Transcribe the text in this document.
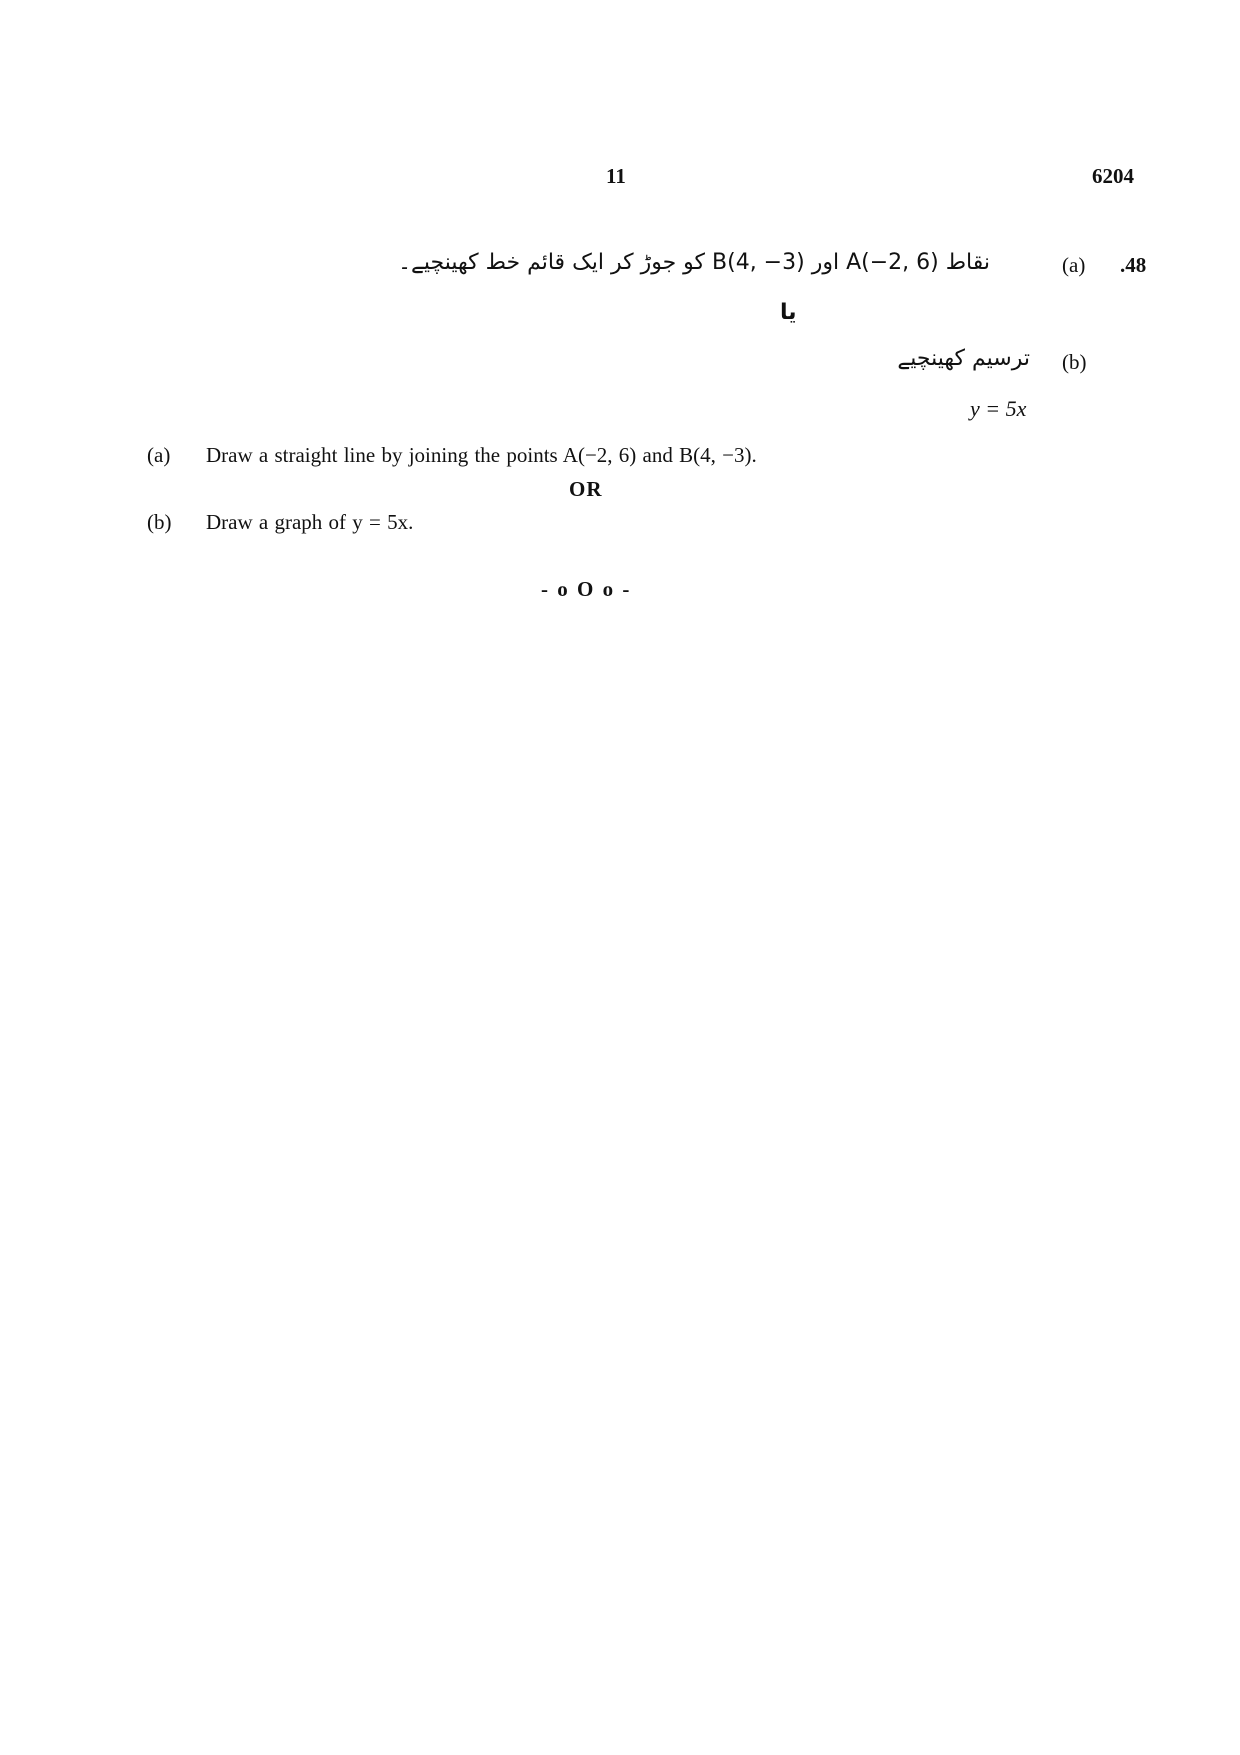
11	6204
.48
(a)
نقاط A(−2, 6) اور B(4, −3) کو جوڑ کر ایک قائم خط کھینچیے۔
یا
(b)
ترسیم کھینچیے
y = 5x
(a) Draw a straight line by joining the points A(−2, 6) and B(4, −3).
OR
(b) Draw a graph of y = 5x.
- o O o -
